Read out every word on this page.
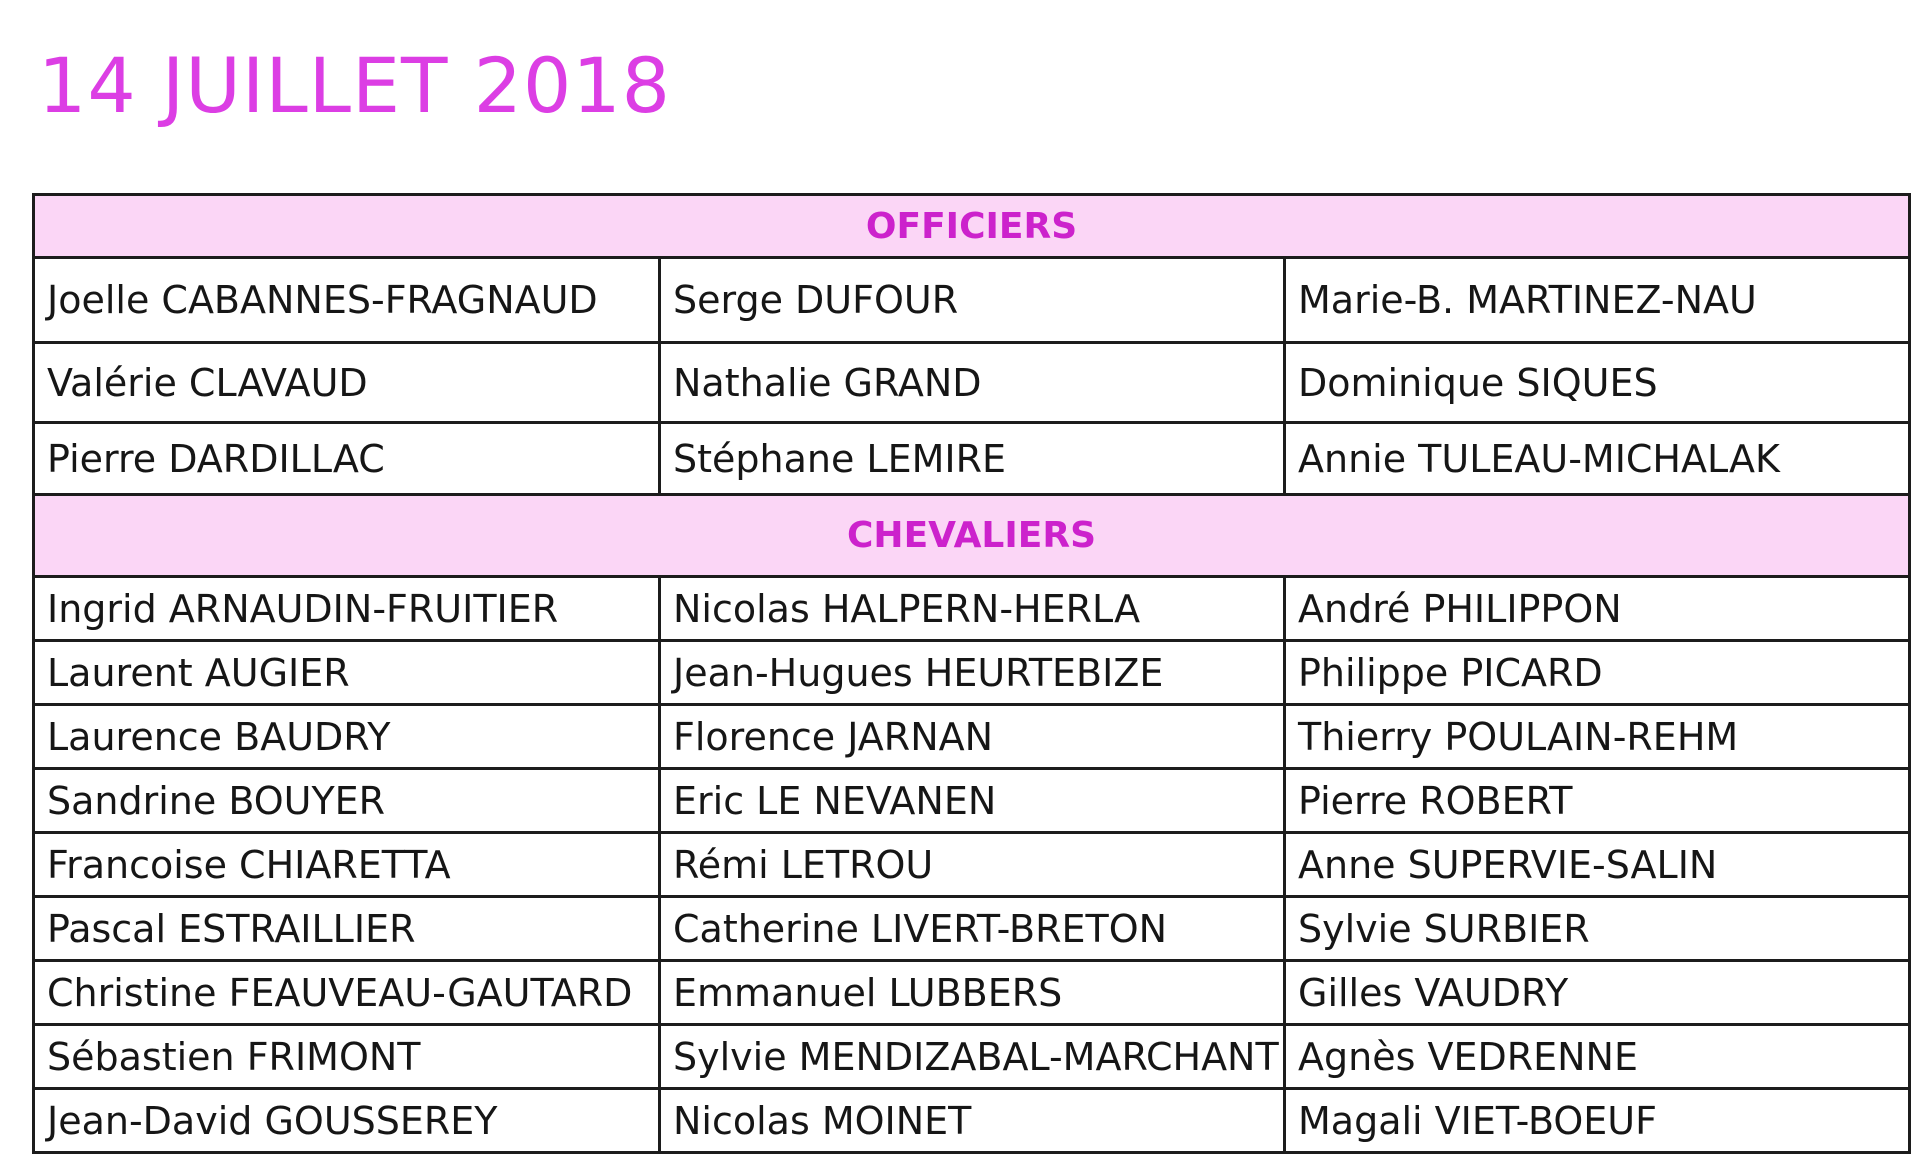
14 JUILLET 2018
OFFICIERS		
Joelle CABANNES-FRAGNAUD	Serge DUFOUR	Marie-B. MARTINEZ-NAU
Valérie CLAVAUD	Nathalie GRAND	Dominique SIQUES
Pierre DARDILLAC	Stéphane LEMIRE	Annie TULEAU-MICHALAK
CHEVALIERS		
Ingrid ARNAUDIN-FRUITIER	Nicolas HALPERN-HERLA	André PHILIPPON
Laurent AUGIER	Jean-Hugues HEURTEBIZE	Philippe PICARD
Laurence BAUDRY	Florence JARNAN	Thierry POULAIN-REHM
Sandrine BOUYER	Eric LE NEVANEN	Pierre ROBERT
Francoise CHIARETTA	Rémi LETROU	Anne SUPERVIE-SALIN
Pascal ESTRAILLIER	Catherine LIVERT-BRETON	Sylvie SURBIER
Christine FEAUVEAU-GAUTARD	Emmanuel LUBBERS	Gilles VAUDRY
Sébastien FRIMONT	Sylvie MENDIZABAL-MARCHANT	Agnès VEDRENNE
Jean-David GOUSSEREY	Nicolas MOINET	Magali VIET-BOEUF
